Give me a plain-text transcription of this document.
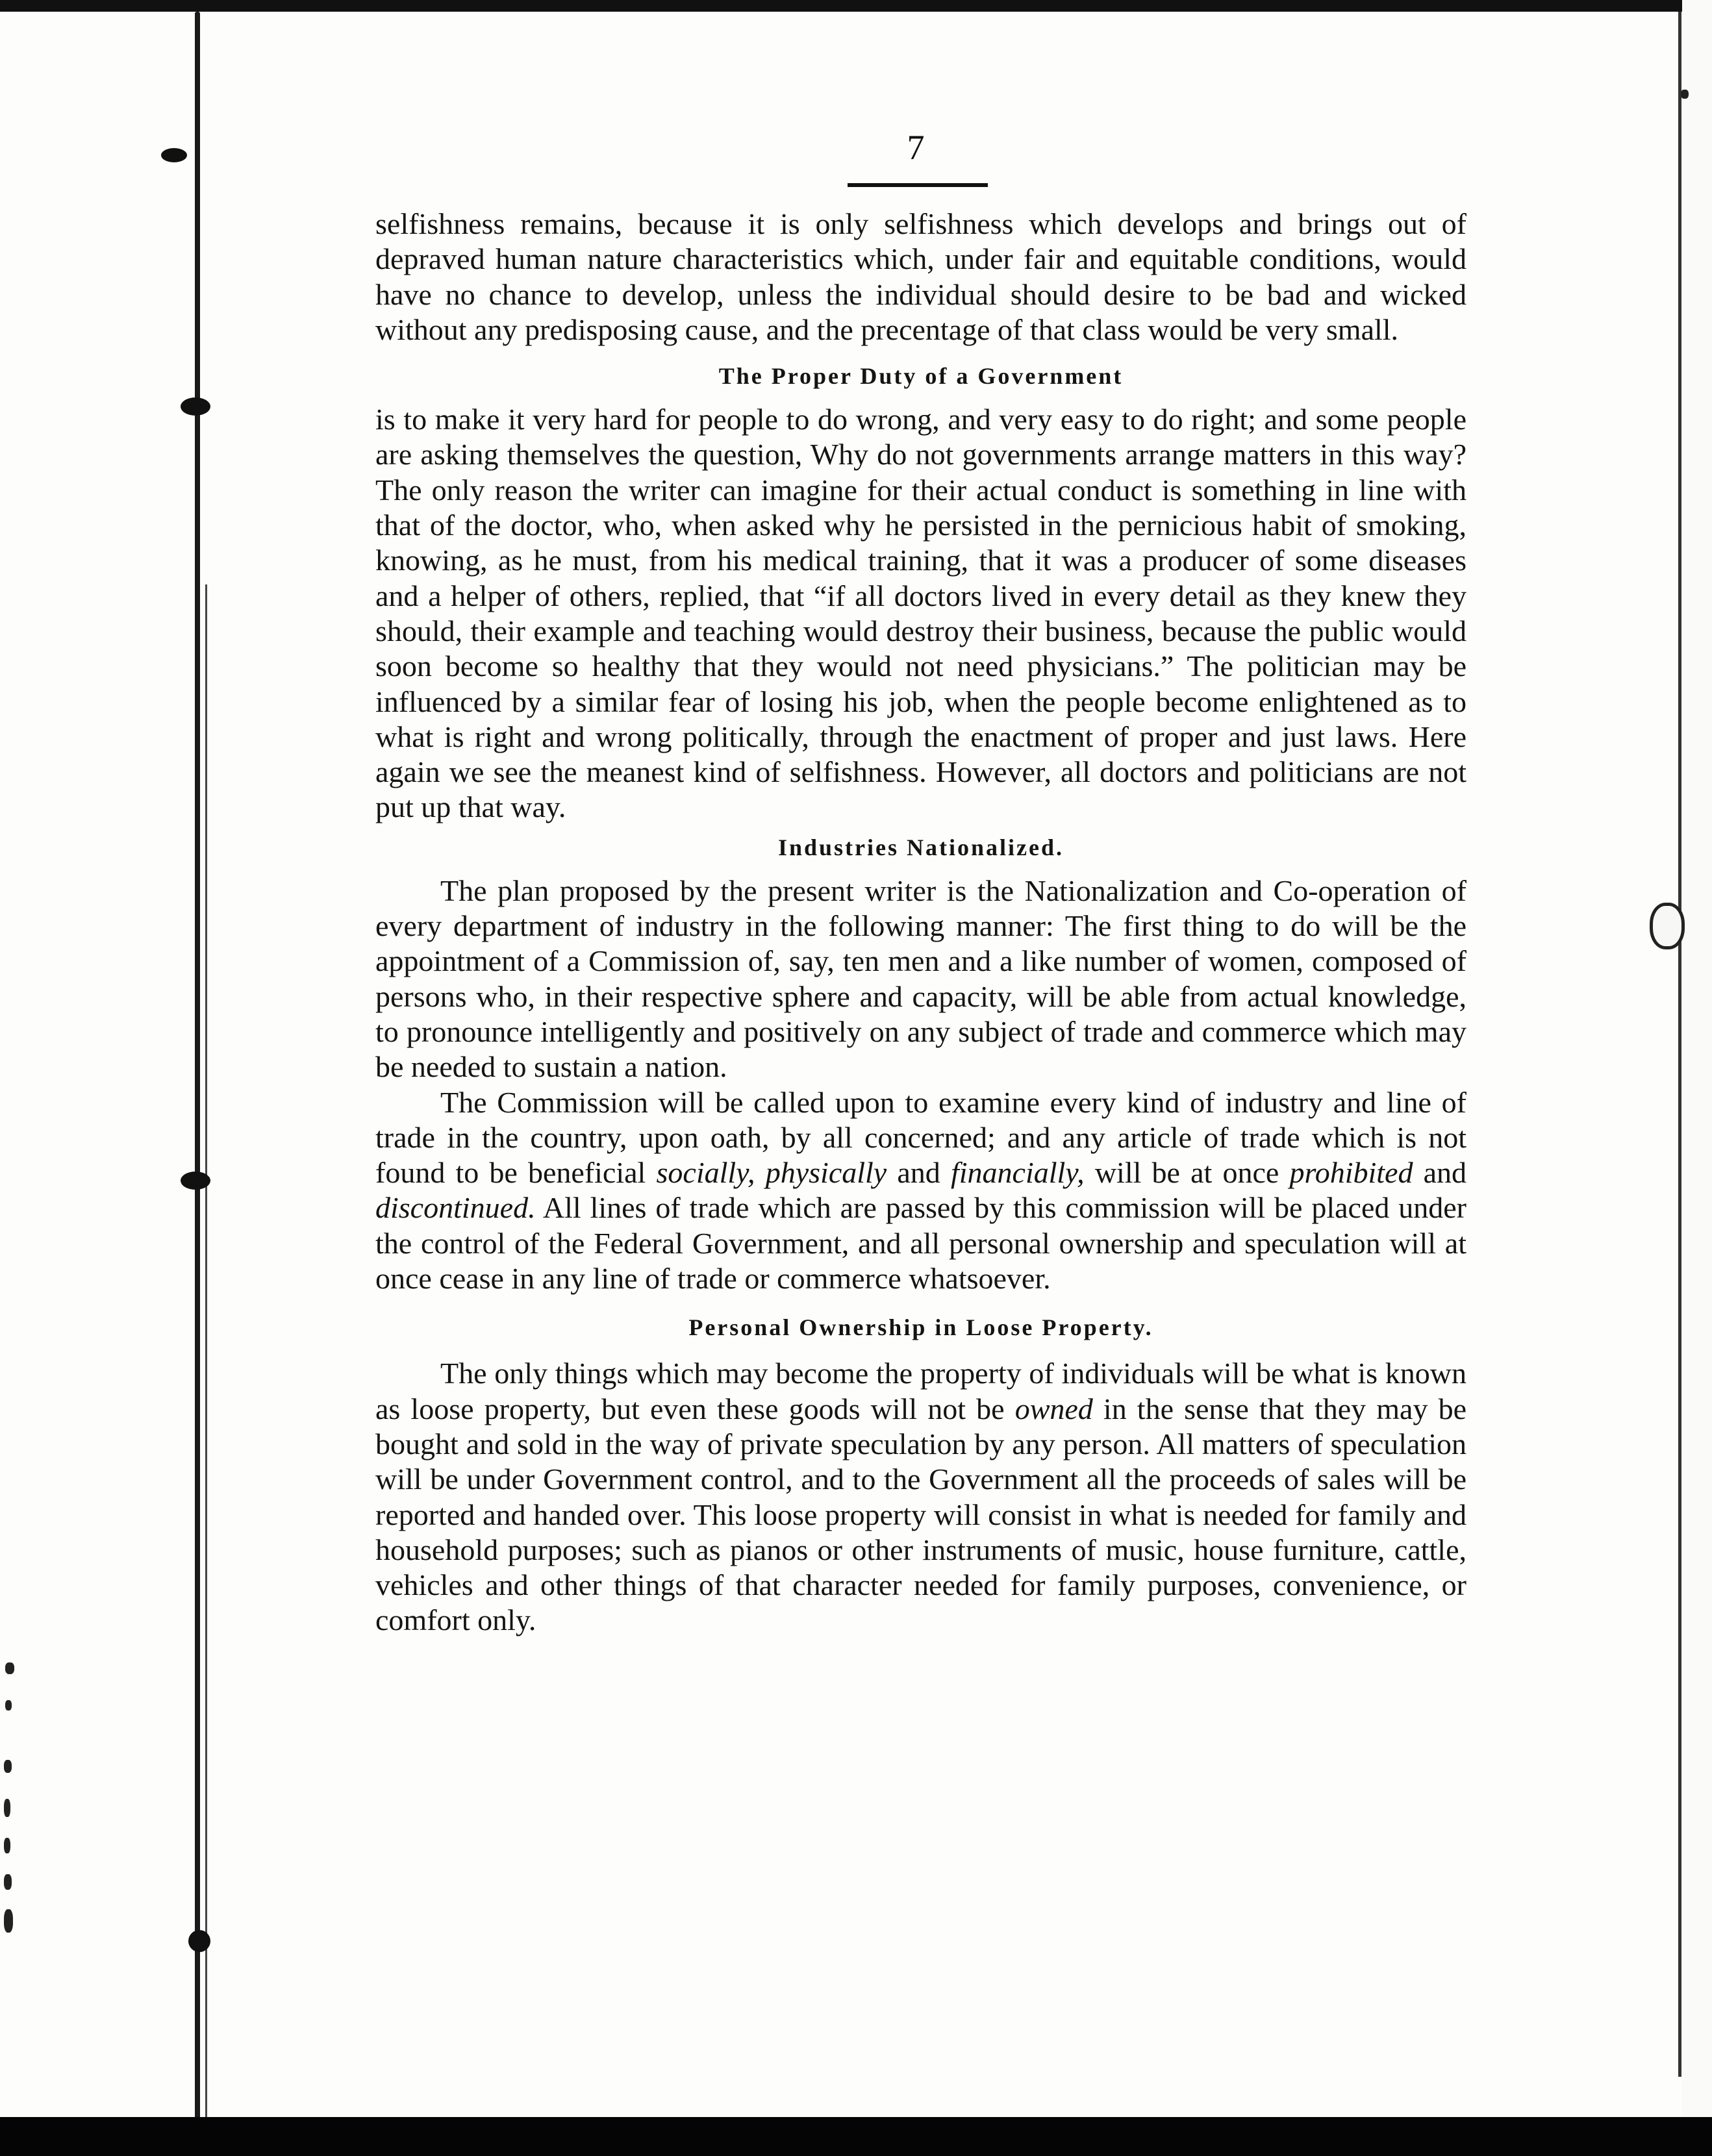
7

selfishness remains, because it is only selfishness which develops and brings out of depraved human nature characteristics which, under fair and equitable conditions, would have no chance to develop, unless the individual should desire to be bad and wicked without any predisposing cause, and the precentage of that class would be very small.

The Proper Duty of a Government

is to make it very hard for people to do wrong, and very easy to do right; and some people are asking themselves the question, Why do not governments arrange matters in this way? The only reason the writer can imagine for their actual conduct is something in line with that of the doctor, who, when asked why he persisted in the pernicious habit of smoking, knowing, as he must, from his medical training, that it was a producer of some diseases and a helper of others, replied, that “if all doctors lived in every detail as they knew they should, their example and teaching would destroy their business, because the public would soon become so healthy that they would not need physicians.” The politician may be influenced by a similar fear of losing his job, when the people become enlightened as to what is right and wrong politically, through the enactment of proper and just laws. Here again we see the meanest kind of selfishness. However, all doctors and politicians are not put up that way.

Industries Nationalized.

The plan proposed by the present writer is the Nationalization and Co-operation of every department of industry in the following manner: The first thing to do will be the appointment of a Commission of, say, ten men and a like number of women, composed of persons who, in their respective sphere and capacity, will be able from actual knowledge, to pronounce intelligently and positively on any subject of trade and commerce which may be needed to sustain a nation.

The Commission will be called upon to examine every kind of industry and line of trade in the country, upon oath, by all concerned; and any article of trade which is not found to be beneficial socially, physically and financially, will be at once prohibited and discontinued. All lines of trade which are passed by this commission will be placed under the control of the Federal Government, and all personal ownership and speculation will at once cease in any line of trade or commerce whatsoever.

Personal Ownership in Loose Property.

The only things which may become the property of individuals will be what is known as loose property, but even these goods will not be owned in the sense that they may be bought and sold in the way of private speculation by any person. All matters of speculation will be under Government control, and to the Government all the proceeds of sales will be reported and handed over. This loose property will consist in what is needed for family and household purposes; such as pianos or other instruments of music, house furniture, cattle, vehicles and other things of that character needed for family purposes, convenience, or comfort only.
